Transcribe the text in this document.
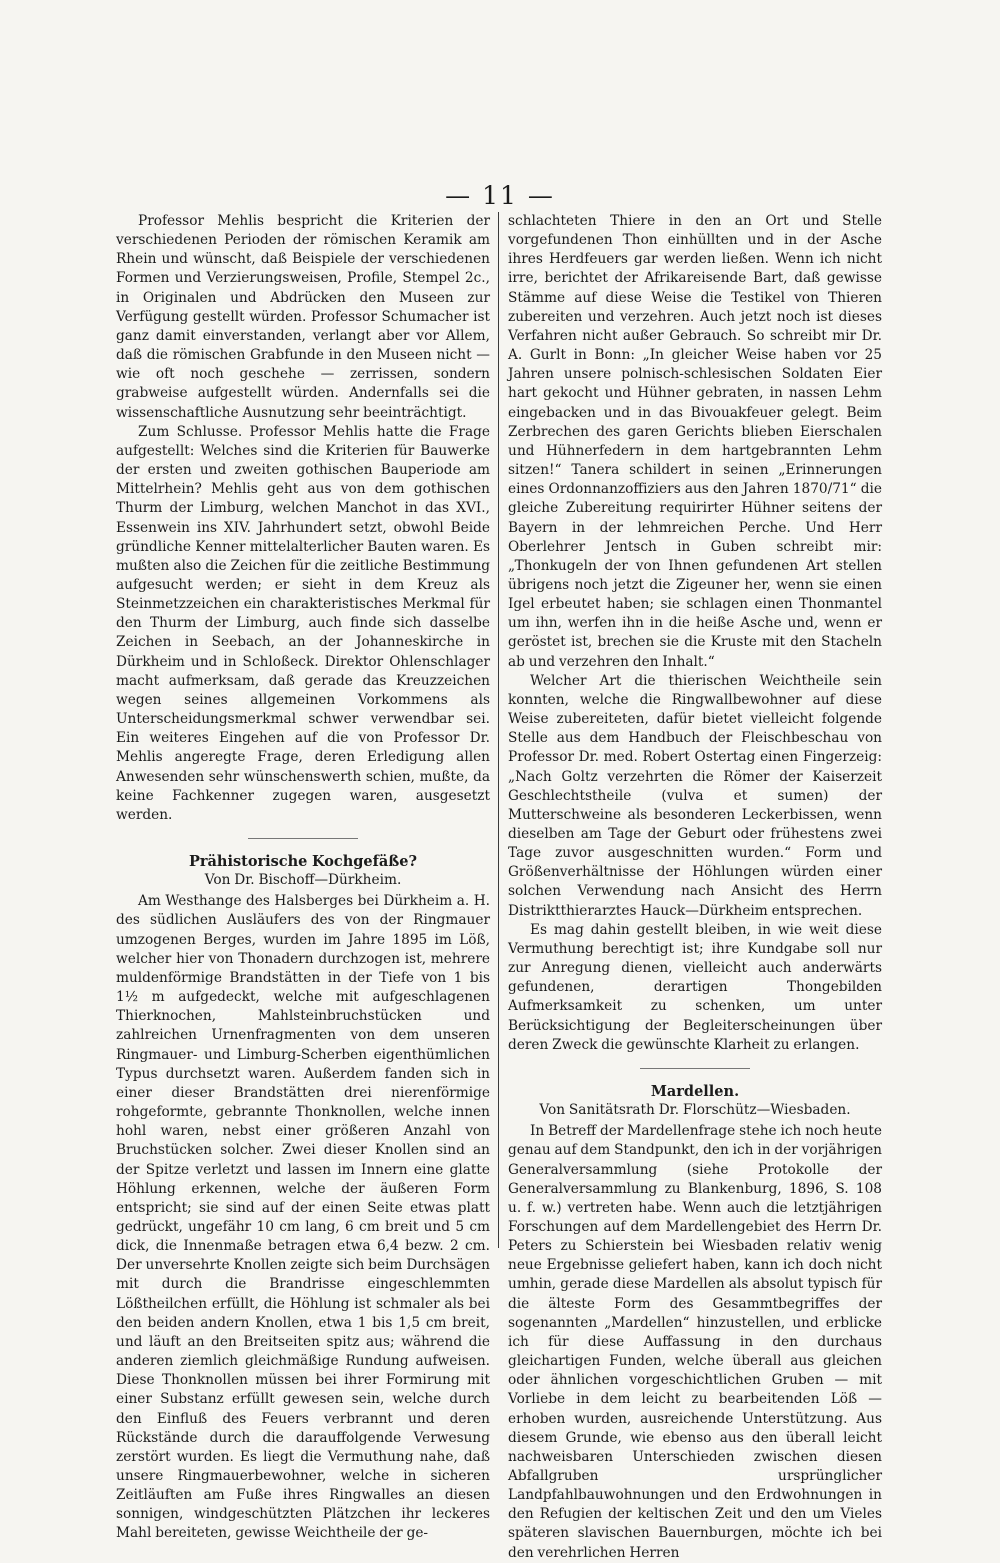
— 11 —

Professor Mehlis bespricht die Kriterien der verschiedenen Perioden der römischen Keramik am Rhein und wünscht, daß Beispiele der verschiedenen Formen und Verzierungsweisen, Profile, Stempel 2c., in Originalen und Abdrücken den Museen zur Verfügung gestellt würden. Professor Schumacher ist ganz damit einverstanden, verlangt aber vor Allem, daß die römischen Grabfunde in den Museen nicht — wie oft noch geschehe — zerrissen, sondern grabweise aufgestellt würden. Andernfalls sei die wissenschaftliche Ausnutzung sehr beeinträchtigt.

Zum Schlusse. Professor Mehlis hatte die Frage aufgestellt: Welches sind die Kriterien für Bauwerke der ersten und zweiten gothischen Bauperiode am Mittelrhein? Mehlis geht aus von dem gothischen Thurm der Limburg, welchen Manchot in das XVI., Essenwein ins XIV. Jahrhundert setzt, obwohl Beide gründliche Kenner mittelalterlicher Bauten waren. Es mußten also die Zeichen für die zeitliche Bestimmung aufgesucht werden; er sieht in dem Kreuz als Steinmetzzeichen ein charakteristisches Merkmal für den Thurm der Limburg, auch finde sich dasselbe Zeichen in Seebach, an der Johanneskirche in Dürkheim und in Schloßeck. Direktor Ohlenschlager macht aufmerksam, daß gerade das Kreuzzeichen wegen seines allgemeinen Vorkommens als Unterscheidungsmerkmal schwer verwendbar sei. Ein weiteres Eingehen auf die von Professor Dr. Mehlis angeregte Frage, deren Erledigung allen Anwesenden sehr wünschenswerth schien, mußte, da keine Fachkenner zugegen waren, ausgesetzt werden.

Prähistorische Kochgefäße?

Von Dr. Bischoff—Dürkheim.

Am Westhange des Halsberges bei Dürkheim a. H. des südlichen Ausläufers des von der Ringmauer umzogenen Berges, wurden im Jahre 1895 im Löß, welcher hier von Thonadern durchzogen ist, mehrere muldenförmige Brandstätten in der Tiefe von 1 bis 1½ m aufgedeckt, welche mit aufgeschlagenen Thierknochen, Mahlsteinbruchstücken und zahlreichen Urnenfragmenten von dem unseren Ringmauer- und Limburg-Scherben eigenthümlichen Typus durchsetzt waren. Außerdem fanden sich in einer dieser Brandstätten drei nierenförmige rohgeformte, gebrannte Thonknollen, welche innen hohl waren, nebst einer größeren Anzahl von Bruchstücken solcher. Zwei dieser Knollen sind an der Spitze verletzt und lassen im Innern eine glatte Höhlung erkennen, welche der äußeren Form entspricht; sie sind auf der einen Seite etwas platt gedrückt, ungefähr 10 cm lang, 6 cm breit und 5 cm dick, die Innenmaße betragen etwa 6,4 bezw. 2 cm. Der unversehrte Knollen zeigte sich beim Durchsägen mit durch die Brandrisse eingeschlemmten Lößtheilchen erfüllt, die Höhlung ist schmaler als bei den beiden andern Knollen, etwa 1 bis 1,5 cm breit, und läuft an den Breitseiten spitz aus; während die anderen ziemlich gleichmäßige Rundung aufweisen. Diese Thonknollen müssen bei ihrer Formirung mit einer Substanz erfüllt gewesen sein, welche durch den Einfluß des Feuers verbrannt und deren Rückstände durch die darauffolgende Verwesung zerstört wurden. Es liegt die Vermuthung nahe, daß unsere Ringmauerbewohner, welche in sicheren Zeitläuften am Fuße ihres Ringwalles an diesen sonnigen, windgeschützten Plätzchen ihr leckeres Mahl bereiteten, gewisse Weichtheile der ge-

schlachteten Thiere in den an Ort und Stelle vorgefundenen Thon einhüllten und in der Asche ihres Herdfeuers gar werden ließen. Wenn ich nicht irre, berichtet der Afrikareisende Bart, daß gewisse Stämme auf diese Weise die Testikel von Thieren zubereiten und verzehren. Auch jetzt noch ist dieses Verfahren nicht außer Gebrauch. So schreibt mir Dr. A. Gurlt in Bonn: „In gleicher Weise haben vor 25 Jahren unsere polnisch-schlesischen Soldaten Eier hart gekocht und Hühner gebraten, in nassen Lehm eingebacken und in das Bivouakfeuer gelegt. Beim Zerbrechen des garen Gerichts blieben Eierschalen und Hühnerfedern in dem hartgebrannten Lehm sitzen!“ Tanera schildert in seinen „Erinnerungen eines Ordonnanzoffiziers aus den Jahren 1870/71“ die gleiche Zubereitung requirirter Hühner seitens der Bayern in der lehmreichen Perche. Und Herr Oberlehrer Jentsch in Guben schreibt mir: „Thonkugeln der von Ihnen gefundenen Art stellen übrigens noch jetzt die Zigeuner her, wenn sie einen Igel erbeutet haben; sie schlagen einen Thonmantel um ihn, werfen ihn in die heiße Asche und, wenn er geröstet ist, brechen sie die Kruste mit den Stacheln ab und verzehren den Inhalt.“

Welcher Art die thierischen Weichtheile sein konnten, welche die Ringwallbewohner auf diese Weise zubereiteten, dafür bietet vielleicht folgende Stelle aus dem Handbuch der Fleischbeschau von Professor Dr. med. Robert Ostertag einen Fingerzeig: „Nach Goltz verzehrten die Römer der Kaiserzeit Geschlechtstheile (vulva et sumen) der Mutterschweine als besonderen Leckerbissen, wenn dieselben am Tage der Geburt oder frühestens zwei Tage zuvor ausgeschnitten wurden.“ Form und Größenverhältnisse der Höhlungen würden einer solchen Verwendung nach Ansicht des Herrn Distriktthierarztes Hauck—Dürkheim entsprechen.

Es mag dahin gestellt bleiben, in wie weit diese Vermuthung berechtigt ist; ihre Kundgabe soll nur zur Anregung dienen, vielleicht auch anderwärts gefundenen, derartigen Thongebilden Aufmerksamkeit zu schenken, um unter Berücksichtigung der Begleiterscheinungen über deren Zweck die gewünschte Klarheit zu erlangen.

Mardellen.

Von Sanitätsrath Dr. Florschütz—Wiesbaden.

In Betreff der Mardellenfrage stehe ich noch heute genau auf dem Standpunkt, den ich in der vorjährigen Generalversammlung (siehe Protokolle der Generalversammlung zu Blankenburg, 1896, S. 108 u. f. w.) vertreten habe. Wenn auch die letztjährigen Forschungen auf dem Mardellengebiet des Herrn Dr. Peters zu Schierstein bei Wiesbaden relativ wenig neue Ergebnisse geliefert haben, kann ich doch nicht umhin, gerade diese Mardellen als absolut typisch für die älteste Form des Gesammtbegriffes der sogenannten „Mardellen“ hinzustellen, und erblicke ich für diese Auffassung in den durchaus gleichartigen Funden, welche überall aus gleichen oder ähnlichen vorgeschichtlichen Gruben — mit Vorliebe in dem leicht zu bearbeitenden Löß — erhoben wurden, ausreichende Unterstützung. Aus diesem Grunde, wie ebenso aus den überall leicht nachweisbaren Unterschieden zwischen diesen Abfallgruben ursprünglicher Landpfahlbauwohnungen und den Erdwohnungen in den Refugien der keltischen Zeit und den um Vieles späteren slavischen Bauernburgen, möchte ich bei den verehrlichen Herren
